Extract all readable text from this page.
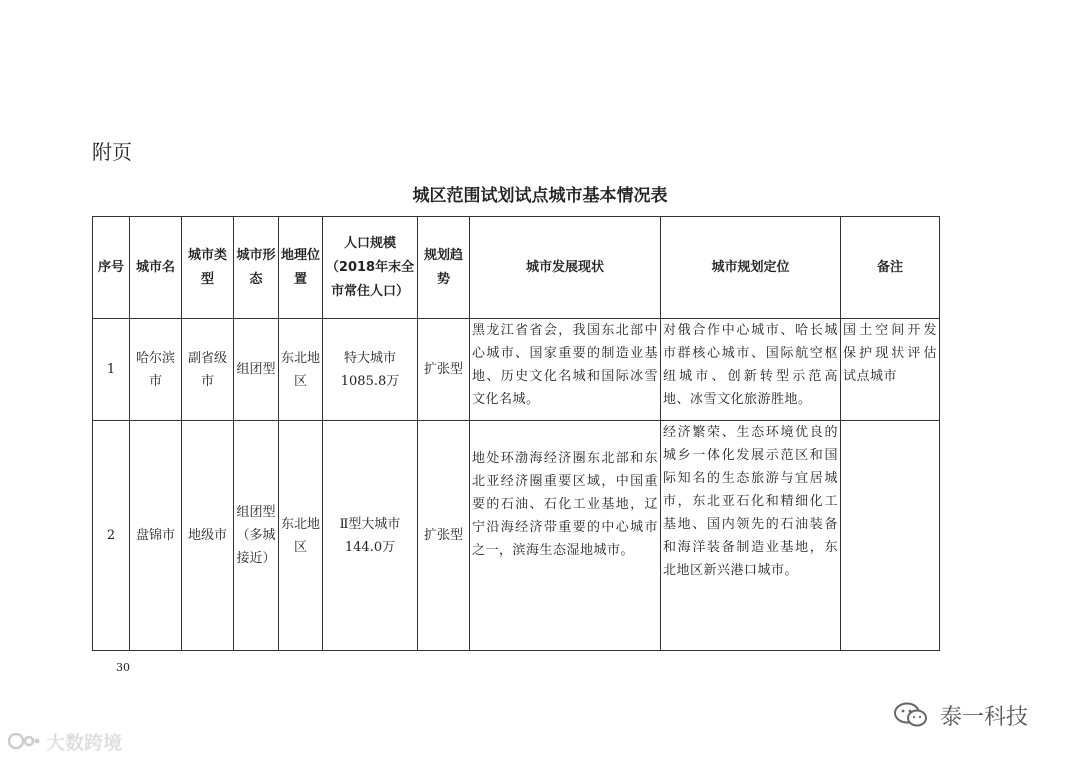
附页
城区范围试划试点城市基本情况表
序号	城市名	城市类型	城市形态	地理位置	人口规模（2018年末全市常住人口）	规划趋势	城市发展现状	城市规划定位	备注
1	哈尔滨市	副省级市	组团型	东北地区	特大城市 1085.8万	扩张型	黑龙江省省会，我国东北部中心城市、国家重要的制造业基地、历史文化名城和国际冰雪文化名城。	对俄合作中心城市、哈长城市群核心城市、国际航空枢纽城市、创新转型示范高地、冰雪文化旅游胜地。	国土空间开发保护现状评估试点城市
2	盘锦市	地级市	组团型（多城接近）	东北地区	Ⅱ型大城市 144.0万	扩张型	地处环渤海经济圈东北部和东北亚经济圈重要区域，中国重要的石油、石化工业基地，辽宁沿海经济带重要的中心城市之一，滨海生态湿地城市。	经济繁荣、生态环境优良的城乡一体化发展示范区和国际知名的生态旅游与宜居城市，东北亚石化和精细化工基地、国内领先的石油装备和海洋装备制造业基地，东北地区新兴港口城市。	
30
大数跨境
泰一科技
